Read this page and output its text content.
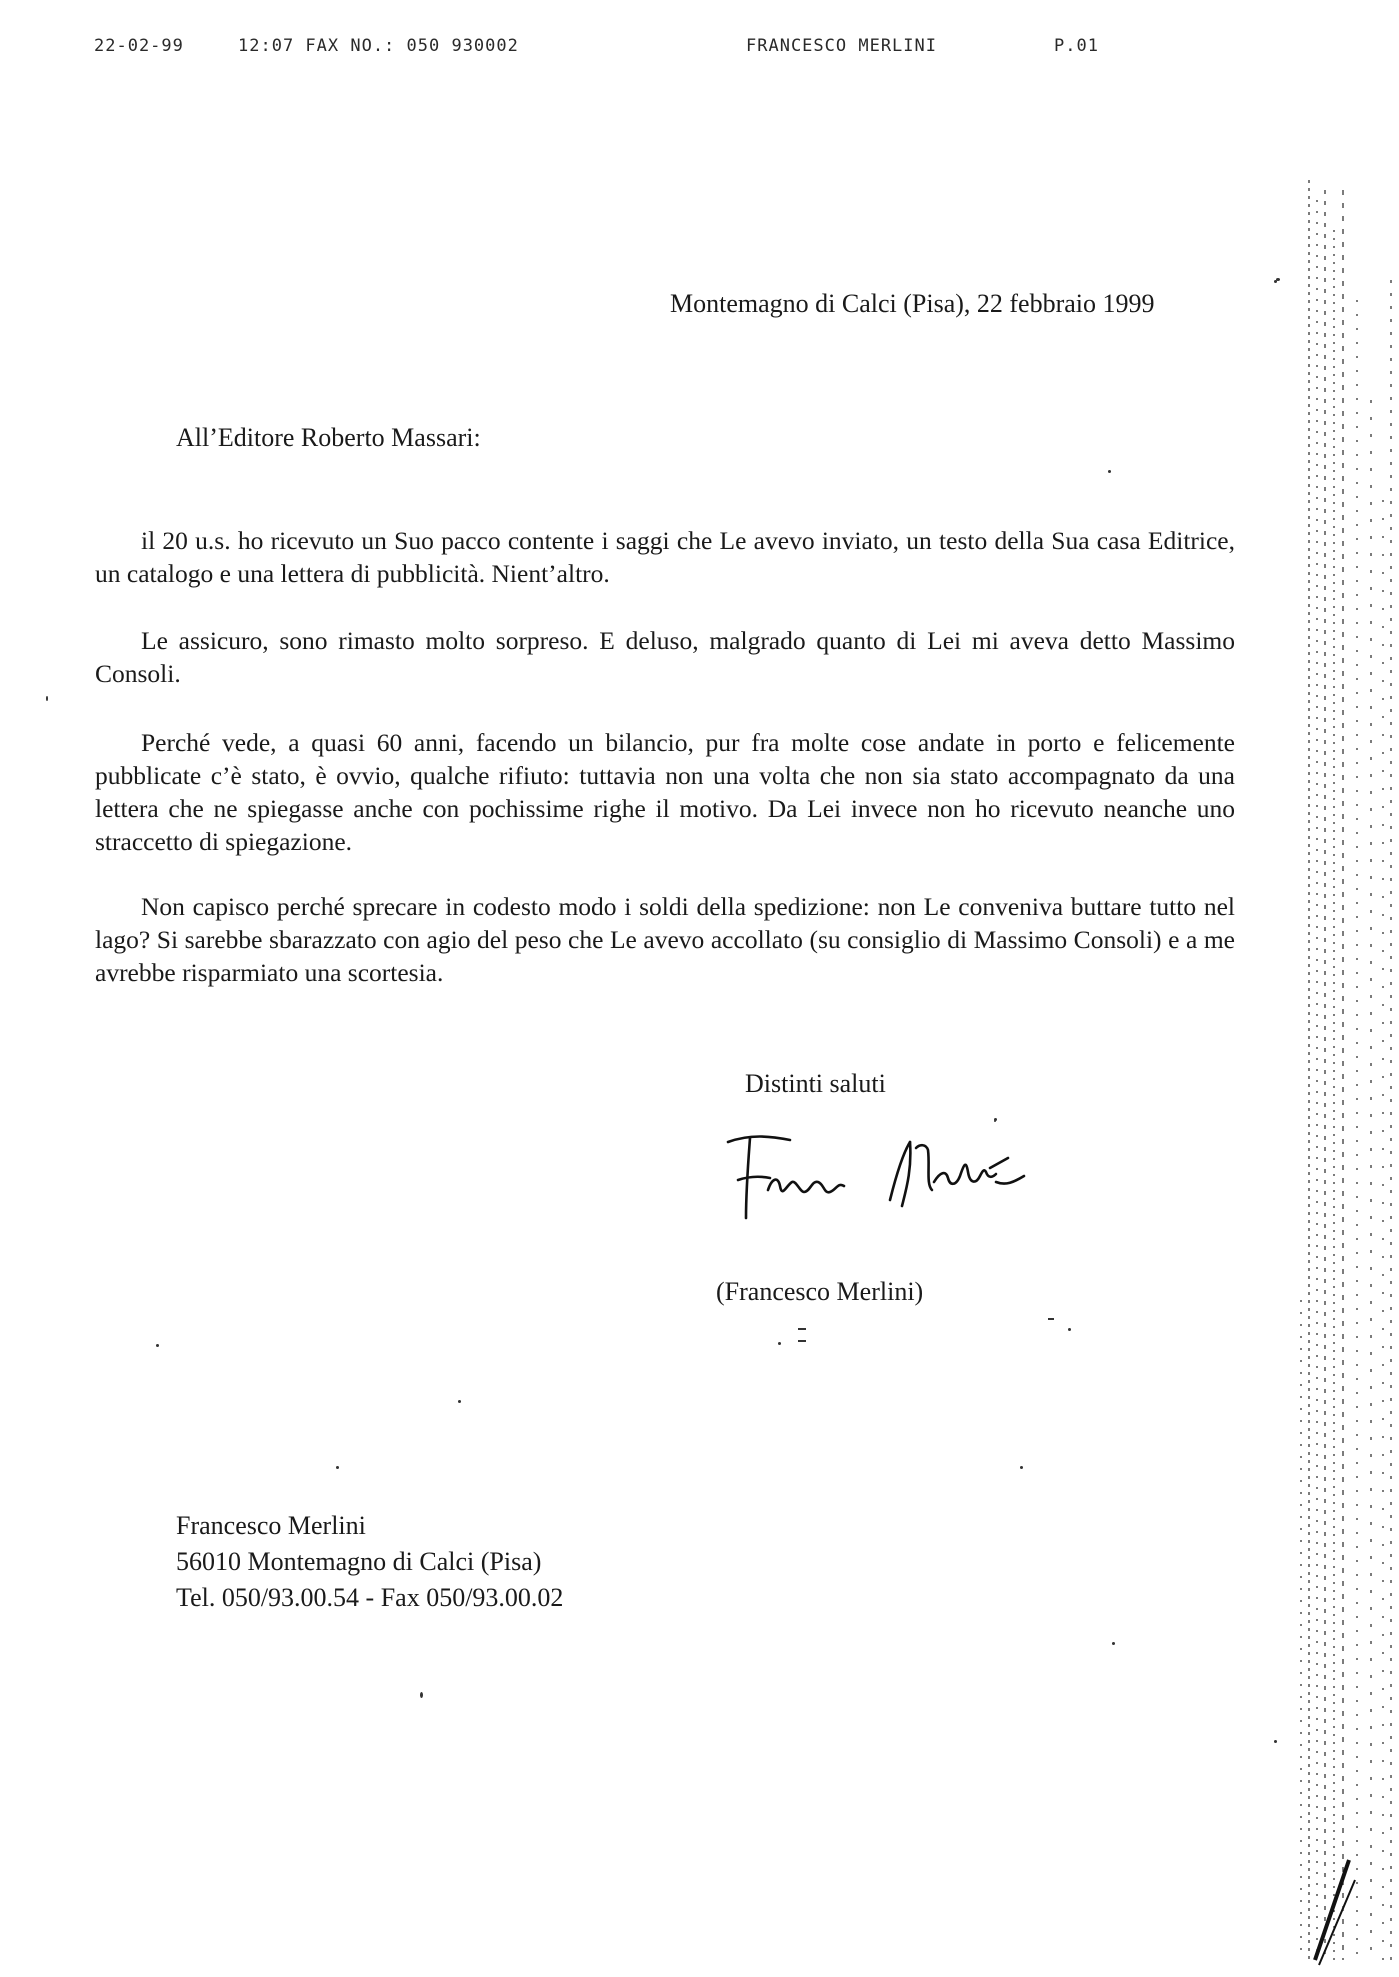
22-02-99	12:07 FAX NO.: 050 930002	FRANCESCO MERLINI	P.01
Montemagno di Calci (Pisa), 22 febbraio 1999
All’Editore Roberto Massari:

il 20 u.s. ho ricevuto un Suo pacco contente i saggi che Le avevo inviato, un testo della Sua casa Editrice, un catalogo e una lettera di pubblicità. Nient’altro.

Le assicuro, sono rimasto molto sorpreso. E deluso, malgrado quanto di Lei mi aveva detto Massimo Consoli.

Perché vede, a quasi 60 anni, facendo un bilancio, pur fra molte cose andate in porto e felicemente pubblicate c’è stato, è ovvio, qualche rifiuto: tuttavia non una volta che non sia stato accompagnato da una lettera che ne spiegasse anche con pochissime righe il motivo. Da Lei invece non ho ricevuto neanche uno straccetto di spiegazione.

Non capisco perché sprecare in codesto modo i soldi della spedizione: non Le conveniva buttare tutto nel lago? Si sarebbe sbarazzato con agio del peso che Le avevo accollato (su consiglio di Massimo Consoli) e a me avrebbe risparmiato una scortesia.

Distinti saluti
(Francesco Merlini)
Francesco Merlini
56010 Montemagno di Calci (Pisa)
Tel. 050/93.00.54 - Fax 050/93.00.02
